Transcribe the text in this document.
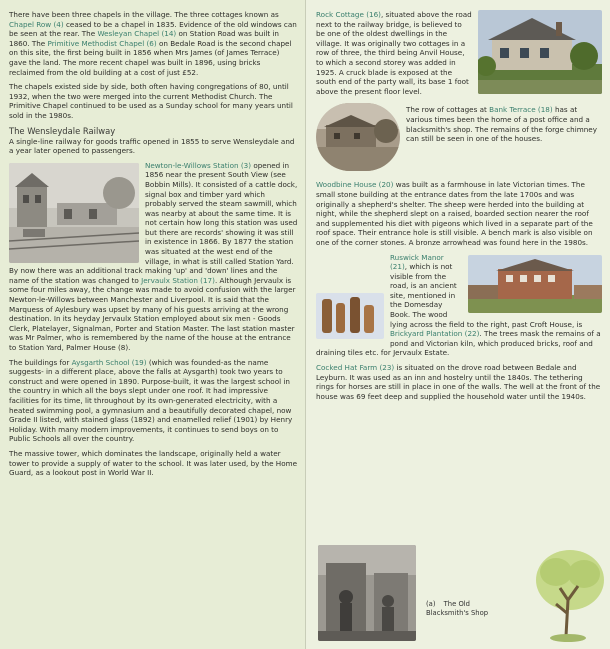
There have been three chapels in the village. The three cottages known as Chapel Row (4) ceased to be a chapel in 1835. Evidence of the old windows can be seen at the rear. The Wesleyan Chapel (14) on Station Road was built in 1860. The Primitive Methodist Chapel (6) on Bedale Road is the second chapel on this site, the first being built in 1856 when Mrs James (of James Terrace) gave the land. The more recent chapel was built in 1896, using bricks reclaimed from the old building at a cost of just £52.

The chapels existed side by side, both often having congregations of 80, until 1932, when the two were merged into the current Methodist Church. The Primitive Chapel continued to be used as a Sunday school for many years until sold in the 1980s.

The Wensleydale Railway

A single-line railway for goods traffic opened in 1855 to serve Wensleydale and a year later opened to passengers.

Newton-le-Willows Station (3) opened in 1856 near the present South View (see Bobbin Mills). It consisted of a cattle dock, signal box and timber yard which probably served the steam sawmill, which was nearby at about the same time. It is not certain how long this station was used but there are records' showing it was still in existence in 1866. By 1877 the station was situated at the west end of the village, in what is still called Station Yard. By now there was an additional track making 'up' and 'down' lines and the name of the station was changed to Jervaulx Station (17). Although Jervaulx is some four miles away, the change was made to avoid confusion with the larger Newton-le-Willows between Manchester and Liverpool. It is said that the Marquess of Aylesbury was upset by many of his guests arriving at the wrong destination. In its heyday Jervaulx Station employed about six men - Goods Clerk, Platelayer, Signalman, Porter and Station Master. The last station master was Mr Palmer, who is remembered by the name of the house at the entrance to Station Yard, Palmer House (8).

The buildings for Aysgarth School (19) (which was founded-as the name suggests- in a different place, above the falls at Aysgarth) took two years to construct and were opened in 1890. Purpose-built, it was the largest school in the country in which all the boys slept under one roof. It had impressive facilities for its time, lit throughout by its own-generated electricity, with a heated swimming pool, a gymnasium and a beautifully decorated chapel, now Grade II listed, with stained glass (1892) and enamelled relief (1901) by Henry Holiday. With many modern improvements, it continues to send boys on to Public Schools all over the country.

The massive tower, which dominates the landscape, originally held a water tower to provide a supply of water to the school. It was later used, by the Home Guard, as a lookout post in World War II.

Rock Cottage (16), situated above the road next to the railway bridge, is believed to be one of the oldest dwellings in the village. It was originally two cottages in a row of three, the third being Anvil House, to which a second storey was added in 1925. A cruck blade is exposed at the south end of the party wall, its base 1 foot above the present floor level.

The row of cottages at Bank Terrace (18) has at various times been the home of a post office and a blacksmith's shop. The remains of the forge chimney can still be seen in one of the houses.

Woodbine House (20) was built as a farmhouse in late Victorian times. The small stone building at the entrance dates from the late 1700s and was originally a shepherd's shelter. The sheep were herded into the building at night, while the shepherd slept on a raised, boarded section nearer the roof and supplemented his diet with pigeons which lived in a separate part of the roof space. Their entrance hole is still visible. A bench mark is also visible on one of the corner stones. A bronze arrowhead was found here in the 1980s.

Ruswick Manor (21), which is not visible from the road, is an ancient site, mentioned in the Domesday Book. The wood lying across the field to the right, past Croft House, is Brickyard Plantation (22). The trees mask the remains of a pond and Victorian kiln, which produced bricks, roof and draining tiles etc. for Jervaulx Estate.

Cocked Hat Farm (23) is situated on the drove road between Bedale and Leyburn. It was used as an inn and hostelry until the 1840s. The tethering rings for horses are still in place in one of the walls. The well at the front of the house was 69 feet deep and supplied the household water until the 1940s.

(a) The Old Blacksmith's Shop
